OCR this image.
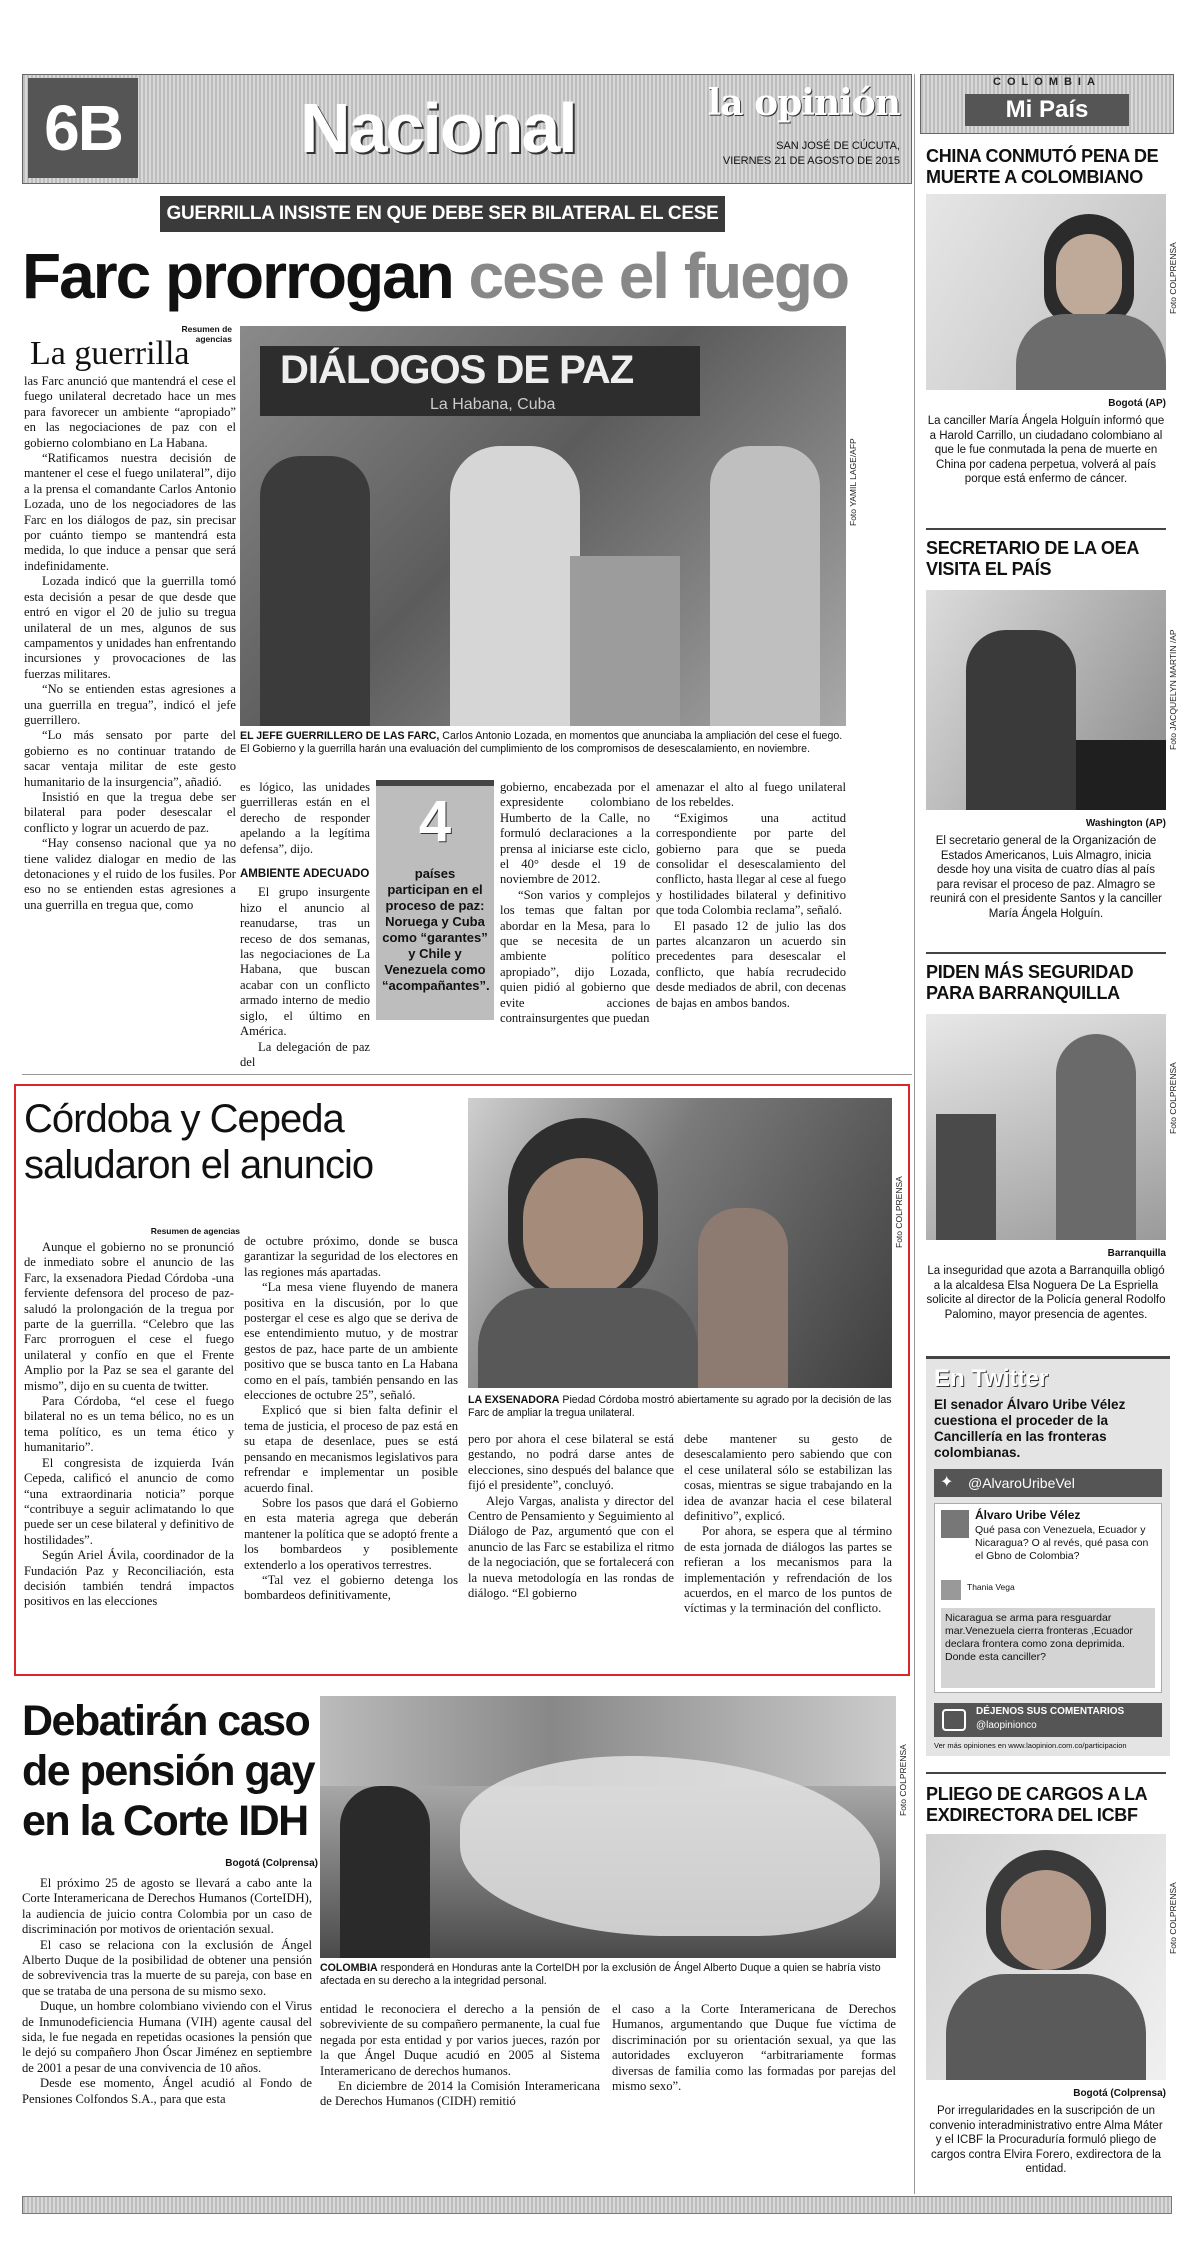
6B	Nacional	la opinión
SAN JOSÉ DE CÚCUTA,
VIERNES 21 DE AGOSTO DE 2015
COLOMBIA
Mi País
GUERRILLA INSISTE EN QUE DEBE SER BILATERAL EL CESE
Farc prorrogan cese el fuego
Resumen de agencias
La guerrilla

las Farc anunció que mantendrá el cese el fuego unilateral decretado hace un mes para favorecer un ambiente “apropiado” en las negociaciones de paz con el gobierno colombiano en La Habana.

“Ratificamos nuestra decisión de mantener el cese el fuego unilateral”, dijo a la prensa el comandante Carlos Antonio Lozada, uno de los negociadores de las Farc en los diálogos de paz, sin precisar por cuánto tiempo se mantendrá esta medida, lo que induce a pensar que será indefinidamente.

Lozada indicó que la guerrilla tomó esta decisión a pesar de que desde que entró en vigor el 20 de julio su tregua unilateral de un mes, algunos de sus campamentos y unidades han enfrentando incursiones y provocaciones de las fuerzas militares.

“No se entienden estas agresiones a una guerrilla en tregua”, indicó el jefe guerrillero.

“Lo más sensato por parte del gobierno es no continuar tratando de sacar ventaja militar de este gesto humanitario de la insurgencia”, añadió.

Insistió en que la tregua debe ser bilateral para poder desescalar el conflicto y lograr un acuerdo de paz.

“Hay consenso nacional que ya no tiene validez dialogar en medio de las detonaciones y el ruido de los fusiles. Por eso no se entienden estas agresiones a una guerrilla en tregua que, como

DIÁLOGOS DE PAZ
La Habana, Cuba
Foto YAMIL LAGE/AFP
EL JEFE GUERRILLERO DE LAS FARC, Carlos Antonio Lozada, en momentos que anunciaba la ampliación del cese el fuego. El Gobierno y la guerrilla harán una evaluación del cumplimiento de los compromisos de desescalamiento, en noviembre.

es lógico, las unidades guerrilleras están en el derecho de responder apelando a la legítima defensa”, dijo.

AMBIENTE ADECUADO

El grupo insurgente hizo el anuncio al reanudarse, tras un receso de dos semanas, las negociaciones de La Habana, que buscan acabar con un conflicto armado interno de medio siglo, el último en América.

La delegación de paz del

4
países participan en el proceso de paz: Noruega y Cuba como “garantes” y Chile y Venezuela como “acompañantes”.

gobierno, encabezada por el expresidente colombiano Humberto de la Calle, no formuló declaraciones a la prensa al iniciarse este ciclo, el 40° desde el 19 de noviembre de 2012.

“Son varios y complejos los temas que faltan por abordar en la Mesa, para lo que se necesita de un ambiente político apropiado”, dijo Lozada, quien pidió al gobierno que evite acciones contrainsurgentes que puedan

amenazar el alto al fuego unilateral de los rebeldes.

“Exigimos una actitud correspondiente por parte del gobierno para que se pueda consolidar el desescalamiento del conflicto, hasta llegar al cese al fuego y hostilidades bilateral y definitivo que toda Colombia reclama”, señaló.

El pasado 12 de julio las dos partes alcanzaron un acuerdo sin precedentes para desescalar el conflicto, que había recrudecido desde mediados de abril, con decenas de bajas en ambos bandos.

Córdoba y Cepeda
saludaron el anuncio
Resumen de agencias	Foto COLPRENSA
LA EXSENADORA Piedad Córdoba mostró abiertamente su agrado por la decisión de las Farc de ampliar la tregua unilateral.

Aunque el gobierno no se pronunció de inmediato sobre el anuncio de las Farc, la exsenadora Piedad Córdoba -una ferviente defensora del proceso de paz- saludó la prolongación de la tregua por parte de la guerrilla. “Celebro que las Farc prorroguen el cese el fuego unilateral y confío en que el Frente Amplio por la Paz se sea el garante del mismo”, dijo en su cuenta de twitter.

Para Córdoba, “el cese el fuego bilateral no es un tema bélico, no es un tema político, es un tema ético y humanitario”.

El congresista de izquierda Iván Cepeda, calificó el anuncio de como “una extraordinaria noticia” porque “contribuye a seguir aclimatando lo que puede ser un cese bilateral y definitivo de hostilidades”.

Según Ariel Ávila, coordinador de la Fundación Paz y Reconciliación, esta decisión también tendrá impactos positivos en las elecciones

de octubre próximo, donde se busca garantizar la seguridad de los electores en las regiones más apartadas.

“La mesa viene fluyendo de manera positiva en la discusión, por lo que postergar el cese es algo que se deriva de ese entendimiento mutuo, y de mostrar gestos de paz, hace parte de un ambiente positivo que se busca tanto en La Habana como en el país, también pensando en las elecciones de octubre 25”, señaló.

Explicó que si bien falta definir el tema de justicia, el proceso de paz está en su etapa de desenlace, pues se está pensando en mecanismos legislativos para refrendar e implementar un posible acuerdo final.

Sobre los pasos que dará el Gobierno en esta materia agrega que deberán mantener la política que se adoptó frente a los bombardeos y posiblemente extenderlo a los operativos terrestres.

“Tal vez el gobierno detenga los bombardeos definitivamente,

pero por ahora el cese bilateral se está gestando, no podrá darse antes de elecciones, sino después del balance que fijó el presidente”, concluyó.

Alejo Vargas, analista y director del Centro de Pensamiento y Seguimiento al Diálogo de Paz, argumentó que con el anuncio de las Farc se estabiliza el ritmo de la negociación, que se fortalecerá con la nueva metodología en las rondas de diálogo. “El gobierno

debe mantener su gesto de desescalamiento pero sabiendo que con el cese unilateral sólo se estabilizan las cosas, mientras se sigue trabajando en la idea de avanzar hacia el cese bilateral definitivo”, explicó.

Por ahora, se espera que al término de esta jornada de diálogos las partes se refieran a los mecanismos para la implementación y refrendación de los acuerdos, en el marco de los puntos de víctimas y la terminación del conflicto.

Debatirán caso
de pensión gay
en la Corte IDH
Bogotá (Colprensa)
Foto COLPRENSA
COLOMBIA responderá en Honduras ante la CorteIDH por la exclusión de Ángel Alberto Duque a quien se habría visto afectada en su derecho a la integridad personal.

El próximo 25 de agosto se llevará a cabo ante la Corte Interamericana de Derechos Humanos (CorteIDH), la audiencia de juicio contra Colombia por un caso de discriminación por motivos de orientación sexual.

El caso se relaciona con la exclusión de Ángel Alberto Duque de la posibilidad de obtener una pensión de sobrevivencia tras la muerte de su pareja, con base en que se trataba de una persona de su mismo sexo.

Duque, un hombre colombiano viviendo con el Virus de Inmunodeficiencia Humana (VIH) agente causal del sida, le fue negada en repetidas ocasiones la pensión que le dejó su compañero Jhon Óscar Jiménez en septiembre de 2001 a pesar de una convivencia de 10 años.

Desde ese momento, Ángel acudió al Fondo de Pensiones Colfondos S.A., para que esta

entidad le reconociera el derecho a la pensión de sobreviviente de su compañero permanente, la cual fue negada por esta entidad y por varios jueces, razón por la que Ángel Duque acudió en 2005 al Sistema Interamericano de derechos humanos.

En diciembre de 2014 la Comisión Interamericana de Derechos Humanos (CIDH) remitió

el caso a la Corte Interamericana de Derechos Humanos, argumentando que Duque fue víctima de discriminación por su orientación sexual, ya que las autoridades excluyeron “arbitrariamente formas diversas de familia como las formadas por parejas del mismo sexo”.

CHINA CONMUTÓ PENA DE MUERTE A COLOMBIANO
Foto COLPRENSA
Bogotá (AP)
La canciller María Ángela Holguín informó que a Harold Carrillo, un ciudadano colombiano al que le fue conmutada la pena de muerte en China por cadena perpetua, volverá al país porque está enfermo de cáncer.
SECRETARIO DE LA OEA VISITA EL PAÍS
Foto JACQUELYN MARTIN /AP
Washington (AP)
El secretario general de la Organización de Estados Americanos, Luis Almagro, inicia desde hoy una visita de cuatro días al país para revisar el proceso de paz. Almagro se reunirá con el presidente Santos y la canciller María Ángela Holguín.
PIDEN MÁS SEGURIDAD PARA BARRANQUILLA
Foto COLPRENSA
Barranquilla
La inseguridad que azota a Barranquilla obligó a la alcaldesa Elsa Noguera De La Espriella solicite al director de la Policía general Rodolfo Palomino, mayor presencia de agentes.
En Twitter
El senador Álvaro Uribe Vélez cuestiona el proceder de la Cancillería en las fronteras colombianas.
@AlvaroUribeVel
✦
Álvaro Uribe Vélez
Qué pasa con Venezuela, Ecuador y Nicaragua? O al revés, qué pasa con el Gbno de Colombia?
Thania Vega
Nicaragua se arma para resguardar mar.Venezuela cierra fronteras ,Ecuador declara frontera como zona deprimida. Donde esta canciller?
DÉJENOS SUS COMENTARIOS
@laopinionco
Ver más opiniones en www.laopinion.com.co/participacion
PLIEGO DE CARGOS A LA EXDIRECTORA DEL ICBF
Foto COLPRENSA
Bogotá (Colprensa)
Por irregularidades en la suscripción de un convenio interadministrativo entre Alma Máter y el ICBF la Procuraduría formuló pliego de cargos contra Elvira Forero, exdirectora de la entidad.
